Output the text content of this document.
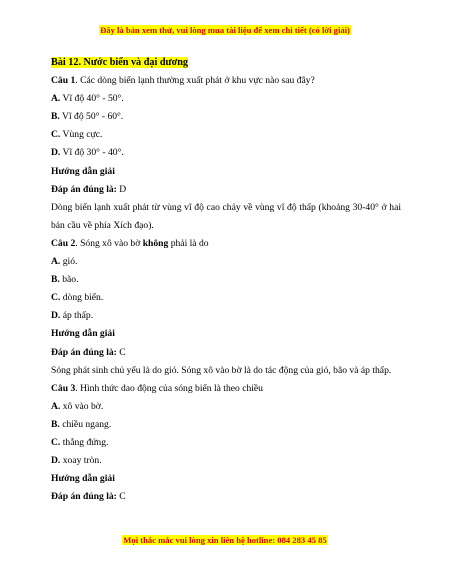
Đây là bản xem thử, vui lòng mua tài liệu để xem chi tiết (có lời giải)
Bài 12. Nước biển và đại dương
Câu 1. Các dòng biển lạnh thường xuất phát ở khu vực nào sau đây?
A. Vĩ độ 40° - 50°.
B. Vĩ độ 50° - 60°.
C. Vùng cực.
D. Vĩ độ 30° - 40°.
Hướng dẫn giải
Đáp án đúng là: D
Dòng biển lạnh xuất phát từ vùng vĩ độ cao chảy về vùng vĩ độ thấp (khoảng 30-40° ở hai bán cầu về phía Xích đạo).
Câu 2. Sóng xô vào bờ không phải là do
A. gió.
B. bão.
C. dòng biển.
D. áp thấp.
Hướng dẫn giải
Đáp án đúng là: C
Sóng phát sinh chủ yếu là do gió. Sóng xô vào bờ là do tác động của gió, bão và áp thấp.
Câu 3. Hình thức dao động của sóng biển là theo chiều
A. xô vào bờ.
B. chiều ngang.
C. thẳng đứng.
D. xoay tròn.
Hướng dẫn giải
Đáp án đúng là: C
Mọi thắc mắc vui lòng xin liên hệ hotline: 084 283 45 85
